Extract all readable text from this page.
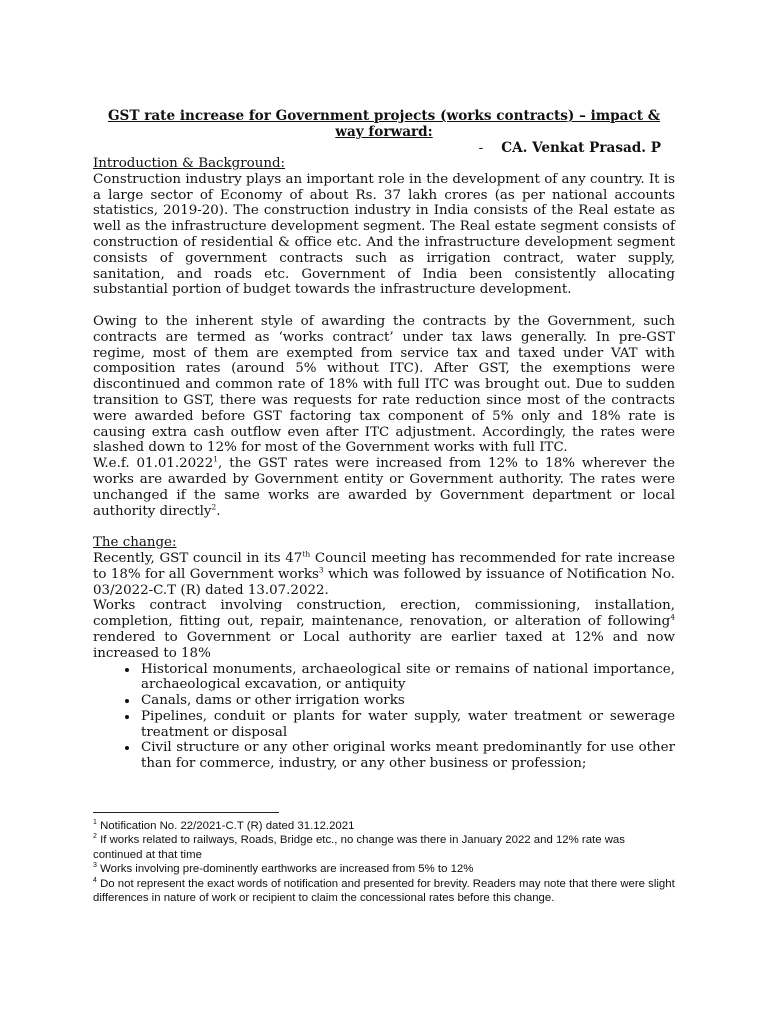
GST rate increase for Government projects (works contracts) – impact & way forward:
- CA. Venkat Prasad. P
Introduction & Background:

Construction industry plays an important role in the development of any country. It is a large sector of Economy of about Rs. 37 lakh crores (as per national accounts statistics, 2019-20). The construction industry in India consists of the Real estate as well as the infrastructure development segment. The Real estate segment consists of construction of residential & office etc. And the infrastructure development segment consists of government contracts such as irrigation contract, water supply, sanitation, and roads etc. Government of India been consistently allocating substantial portion of budget towards the infrastructure development.

Owing to the inherent style of awarding the contracts by the Government, such contracts are termed as ‘works contract’ under tax laws generally. In pre-GST regime, most of them are exempted from service tax and taxed under VAT with composition rates (around 5% without ITC). After GST, the exemptions were discontinued and common rate of 18% with full ITC was brought out. Due to sudden transition to GST, there was requests for rate reduction since most of the contracts were awarded before GST factoring tax component of 5% only and 18% rate is causing extra cash outflow even after ITC adjustment. Accordingly, the rates were slashed down to 12% for most of the Government works with full ITC.

W.e.f. 01.01.2022$^1$, the GST rates were increased from 12% to 18% wherever the works are awarded by Government entity or Government authority. The rates were unchanged if the same works are awarded by Government department or local authority directly$^2$.

The change:

Recently, GST council in its 47th Council meeting has recommended for rate increase to 18% for all Government works$^3$ which was followed by issuance of Notification No. 03/2022-C.T (R) dated 13.07.2022.

Works contract involving construction, erection, commissioning, installation, completion, fitting out, repair, maintenance, renovation, or alteration of following$^4$ rendered to Government or Local authority are earlier taxed at 12% and now increased to 18%

• Historical monuments, archaeological site or remains of national importance, archaeological excavation, or antiquity
• Canals, dams or other irrigation works
• Pipelines, conduit or plants for water supply, water treatment or sewerage treatment or disposal
• Civil structure or any other original works meant predominantly for use other than for commerce, industry, or any other business or profession;
$^1$ Notification No. 22/2021-C.T (R) dated 31.12.2021
$^2$ If works related to railways, Roads, Bridge etc., no change was there in January 2022 and 12% rate was continued at that time
$^3$ Works involving pre-dominently earthworks are increased from 5% to 12%
$^4$ Do not represent the exact words of notification and presented for brevity. Readers may note that there were slight differences in nature of work or recipient to claim the concessional rates before this change.
